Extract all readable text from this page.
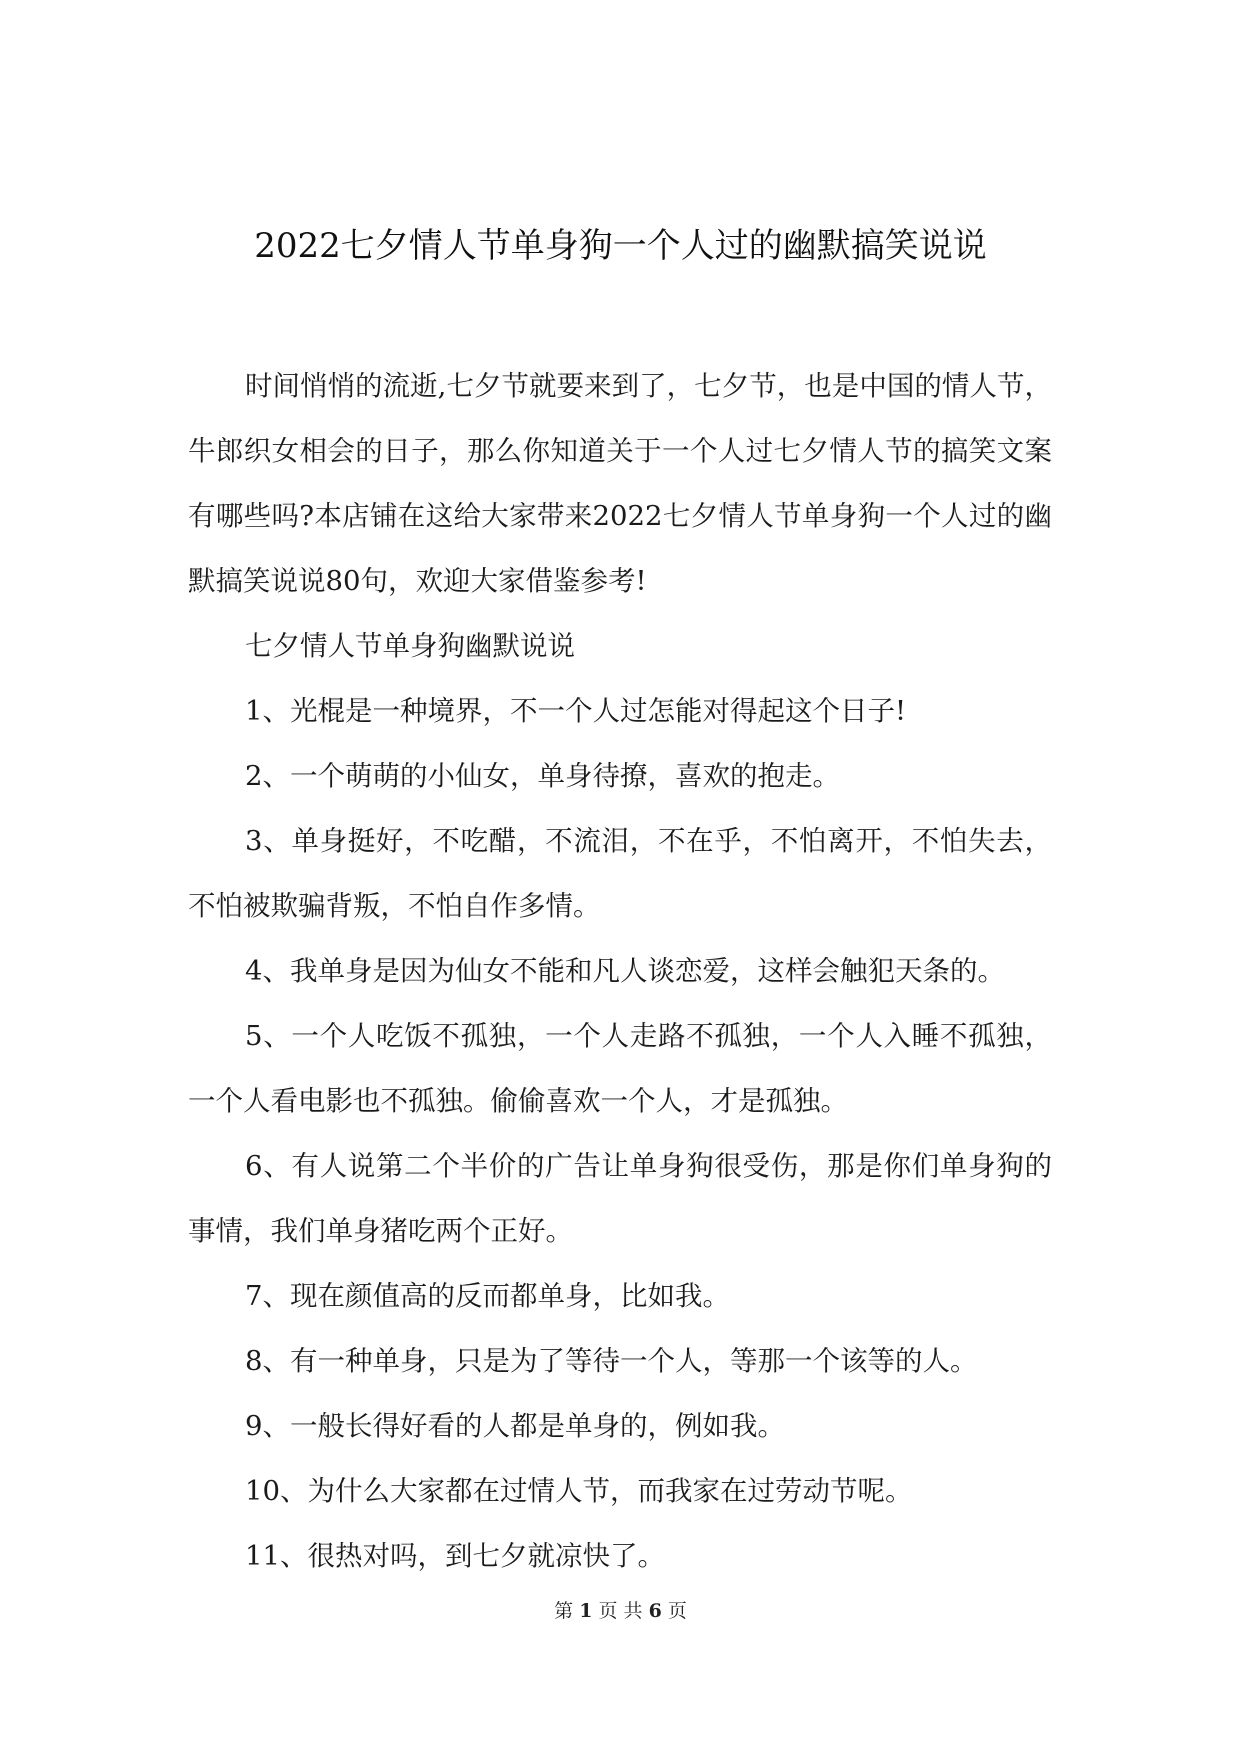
2022七夕情人节单身狗一个人过的幽默搞笑说说

时间悄悄的流逝,七夕节就要来到了，七夕节，也是中国的情人节，牛郎织女相会的日子，那么你知道关于一个人过七夕情人节的搞笑文案有哪些吗?本店铺在这给大家带来2022七夕情人节单身狗一个人过的幽默搞笑说说80句，欢迎大家借鉴参考!

七夕情人节单身狗幽默说说

1、光棍是一种境界，不一个人过怎能对得起这个日子!

2、一个萌萌的小仙女，单身待撩，喜欢的抱走。

3、单身挺好，不吃醋，不流泪，不在乎，不怕离开，不怕失去，不怕被欺骗背叛，不怕自作多情。

4、我单身是因为仙女不能和凡人谈恋爱，这样会触犯天条的。

5、一个人吃饭不孤独，一个人走路不孤独，一个人入睡不孤独，一个人看电影也不孤独。偷偷喜欢一个人，才是孤独。

6、有人说第二个半价的广告让单身狗很受伤，那是你们单身狗的事情，我们单身猪吃两个正好。

7、现在颜值高的反而都单身，比如我。

8、有一种单身，只是为了等待一个人，等那一个该等的人。

9、一般长得好看的人都是单身的，例如我。

10、为什么大家都在过情人节，而我家在过劳动节呢。

11、很热对吗，到七夕就凉快了。

第 1 页 共 6 页
